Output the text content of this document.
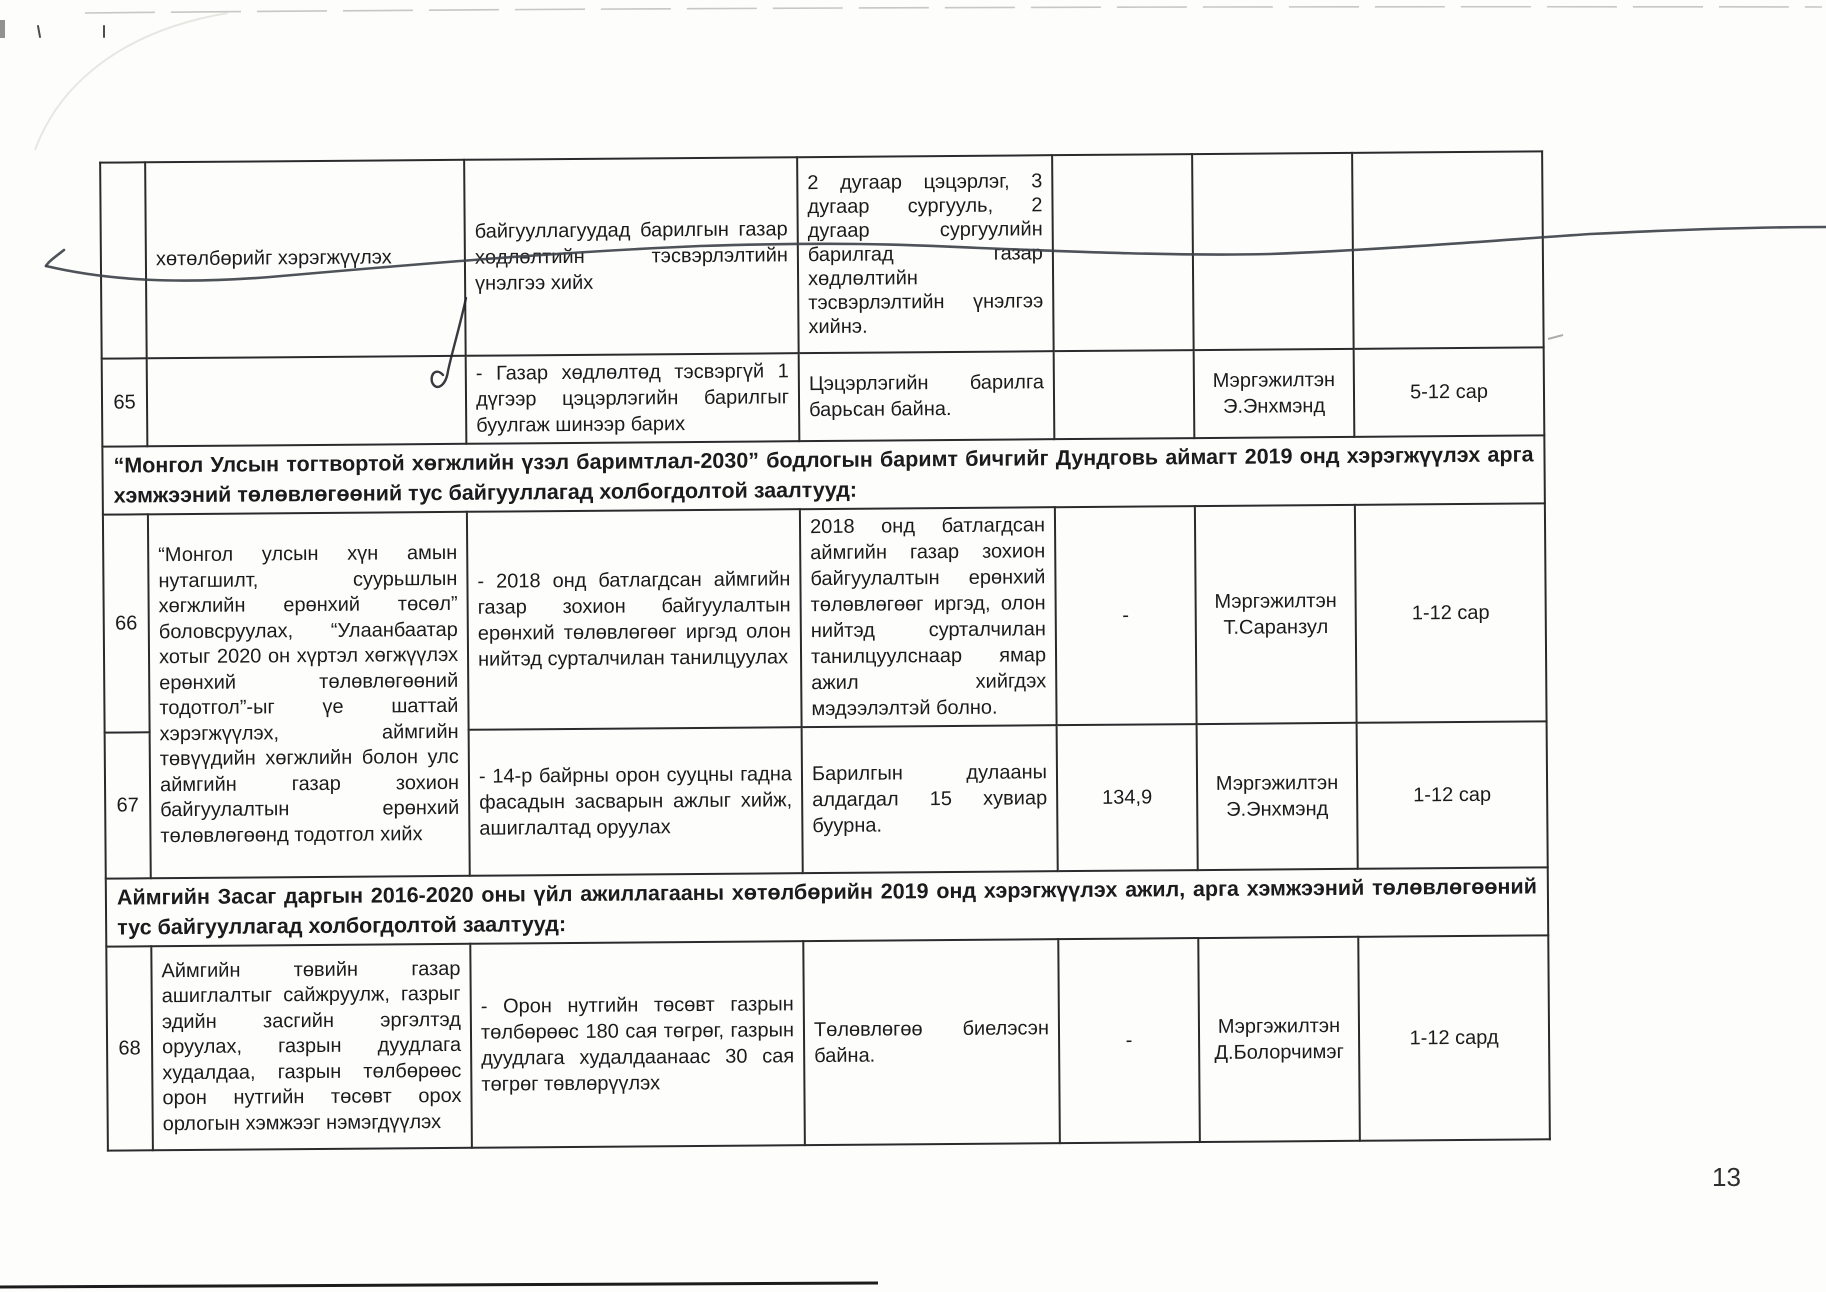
	хөтөлбөрийг хэрэгжүүлэх	байгууллагуудад барилгын газар хөдлөлтийн тэсвэрлэлтийн үнэлгээ хийх	2 дугаар цэцэрлэг, 3 дугаар сургууль, 2 дугаар сургуулийн барилгад газар хөдлөлтийн тэсвэрлэлтийн үнэлгээ хийнэ.			
65		- Газар хөдлөлтөд тэсвэргүй 1 дүгээр цэцэрлэгийн барилгыг буулгаж шинээр барих	Цэцэрлэгийн барилга барьсан байна.		Мэргэжилтэн Э.Энхмэнд	5-12 сар
“Монгол Улсын тогтвортой хөгжлийн үзэл баримтлал-2030” бодлогын баримт бичгийг Дундговь аймагт 2019 онд хэрэгжүүлэх арга хэмжээний төлөвлөгөөний тус байгууллагад холбогдолтой заалтууд:						
66	“Монгол улсын хүн амын нутагшилт, суурьшлын хөгжлийн ерөнхий төсөл” боловсруулах, “Улаанбаатар хотыг 2020 он хүртэл хөгжүүлэх ерөнхий төлөвлөгөөний тодотгол”-ыг үе шаттай хэрэгжүүлэх, аймгийн төвүүдийн хөгжлийн болон улс аймгийн газар зохион байгуулалтын ерөнхий төлөвлөгөөнд тодотгол хийх	- 2018 онд батлагдсан аймгийн газар зохион байгуулалтын ерөнхий төлөвлөгөөг иргэд олон нийтэд сурталчилан танилцуулах	2018 онд батлагдсан аймгийн газар зохион байгуулалтын ерөнхий төлөвлөгөөг иргэд, олон нийтэд сурталчилан танилцуулснаар ямар ажил хийгдэх мэдээлэлтэй болно.	-	Мэргэжилтэн Т.Саранзул	1-12 сар
67		- 14-р байрны орон сууцны гадна фасадын засварын ажлыг хийж, ашиглалтад оруулах	Барилгын дулааны алдагдал 15 хувиар буурна.	134,9	Мэргэжилтэн Э.Энхмэнд	1-12 сар
Аймгийн Засаг даргын 2016-2020 оны үйл ажиллагааны хөтөлбөрийн 2019 онд хэрэгжүүлэх ажил, арга хэмжээний төлөвлөгөөний тус байгууллагад холбогдолтой заалтууд:						
68	Аймгийн төвийн газар ашиглалтыг сайжруулж, газрыг эдийн засгийн эргэлтэд оруулах, газрын дуудлага худалдаа, газрын төлбөрөөс орон нутгийн төсөвт орох орлогын хэмжээг нэмэгдүүлэх	- Орон нутгийн төсөвт газрын төлбөрөөс 180 сая төгрөг, газрын дуудлага худалдаанаас 30 сая төгрөг төвлөрүүлэх	Төлөвлөгөө биелэсэн байна.	-	Мэргэжилтэн Д.Болорчимэг	1-12 сард
13
